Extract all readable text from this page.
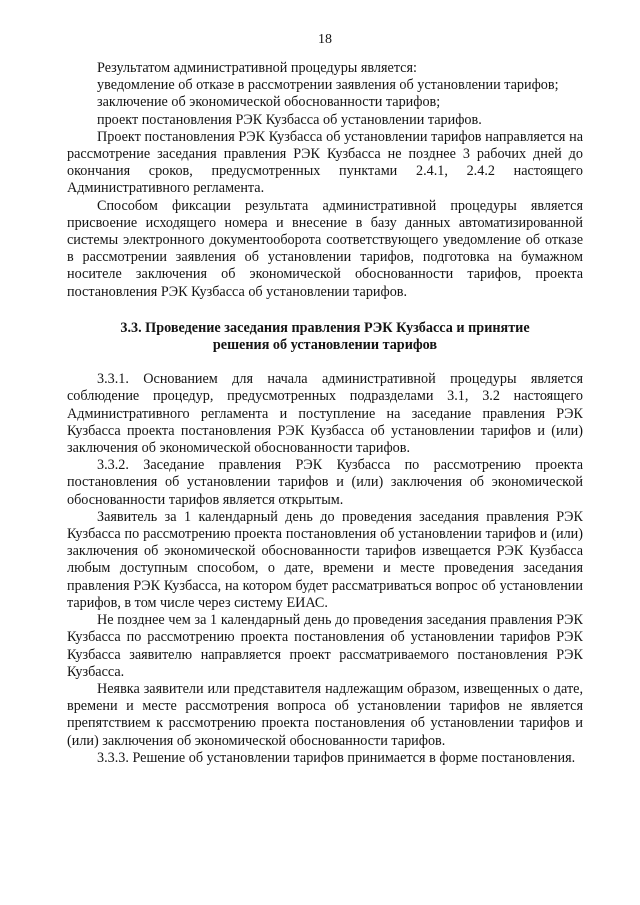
18

Результатом административной процедуры является:

уведомление об отказе в рассмотрении заявления об установлении тарифов;

заключение об экономической обоснованности тарифов;

проект постановления РЭК Кузбасса об установлении тарифов.

Проект постановления РЭК Кузбасса об установлении тарифов направляется на рассмотрение заседания правления РЭК Кузбасса не позднее 3 рабочих дней до окончания сроков, предусмотренных пунктами 2.4.1, 2.4.2 настоящего Административного регламента.

Способом фиксации результата административной процедуры является присвоение исходящего номера и внесение в базу данных автоматизированной системы электронного документооборота соответствующего уведомление об отказе в рассмотрении заявления об установлении тарифов, подготовка на бумажном носителе заключения об экономической обоснованности тарифов, проекта постановления РЭК Кузбасса об установлении тарифов.

3.3. Проведение заседания правления РЭК Кузбасса и принятие решения об установлении тарифов

3.3.1. Основанием для начала административной процедуры является соблюдение процедур, предусмотренных подразделами 3.1, 3.2 настоящего Административного регламента и поступление на заседание правления РЭК Кузбасса проекта постановления РЭК Кузбасса об установлении тарифов и (или) заключения об экономической обоснованности тарифов.

3.3.2. Заседание правления РЭК Кузбасса по рассмотрению проекта постановления об установлении тарифов и (или) заключения об экономической обоснованности тарифов является открытым.

Заявитель за 1 календарный день до проведения заседания правления РЭК Кузбасса по рассмотрению проекта постановления об установлении тарифов и (или) заключения об экономической обоснованности тарифов извещается РЭК Кузбасса любым доступным способом, о дате, времени и месте проведения заседания правления РЭК Кузбасса, на котором будет рассматриваться вопрос об установлении тарифов, в том числе через систему ЕИАС.

Не позднее чем за 1 календарный день до проведения заседания правления РЭК Кузбасса по рассмотрению проекта постановления об установлении тарифов РЭК Кузбасса заявителю направляется проект рассматриваемого постановления РЭК Кузбасса.

Неявка заявители или представителя надлежащим образом, извещенных о дате, времени и месте рассмотрения вопроса об установлении тарифов не является препятствием к рассмотрению проекта постановления об установлении тарифов и (или) заключения об экономической обоснованности тарифов.

3.3.3. Решение об установлении тарифов принимается в форме постановления.
